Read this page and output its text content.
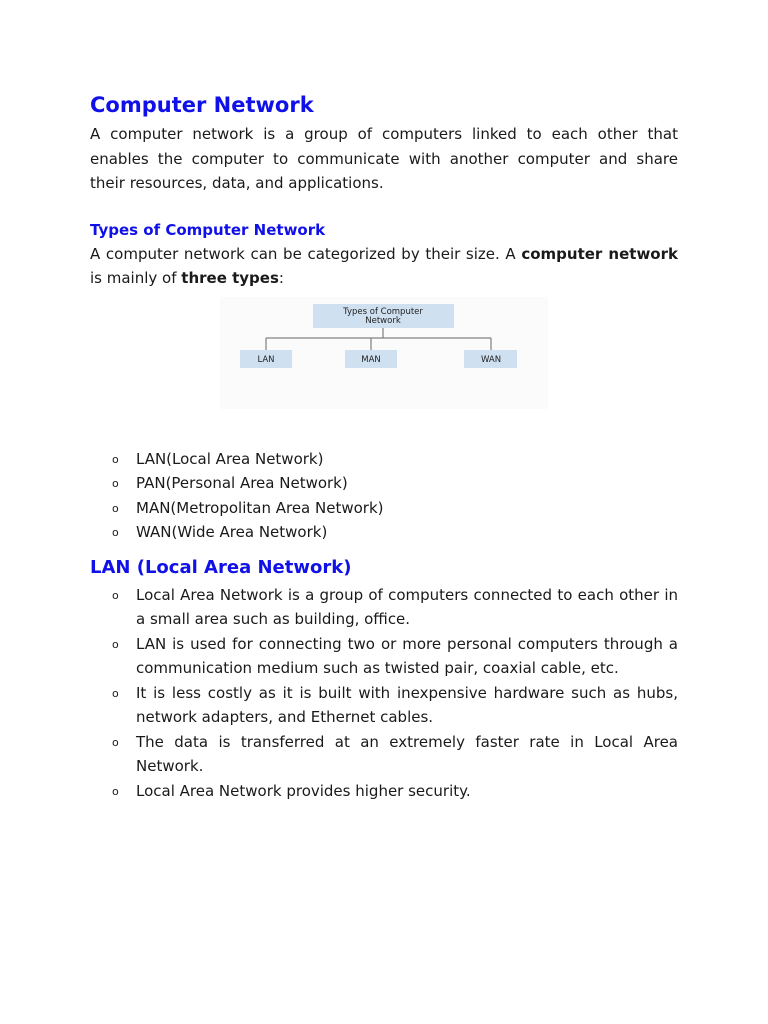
Computer Network

A computer network is a group of computers linked to each other that enables the computer to communicate with another computer and share their resources, data, and applications.

Types of Computer Network

A computer network can be categorized by their size. A computer network is mainly of three types:

Types of Computer
Network
LAN	MAN	WAN
o LAN(Local Area Network)
o PAN(Personal Area Network)
o MAN(Metropolitan Area Network)
o WAN(Wide Area Network)
LAN (Local Area Network)
o Local Area Network is a group of computers connected to each other in a small area such as building, office.
o LAN is used for connecting two or more personal computers through a communication medium such as twisted pair, coaxial cable, etc.
o It is less costly as it is built with inexpensive hardware such as hubs, network adapters, and Ethernet cables.
o The data is transferred at an extremely faster rate in Local Area Network.
o Local Area Network provides higher security.
